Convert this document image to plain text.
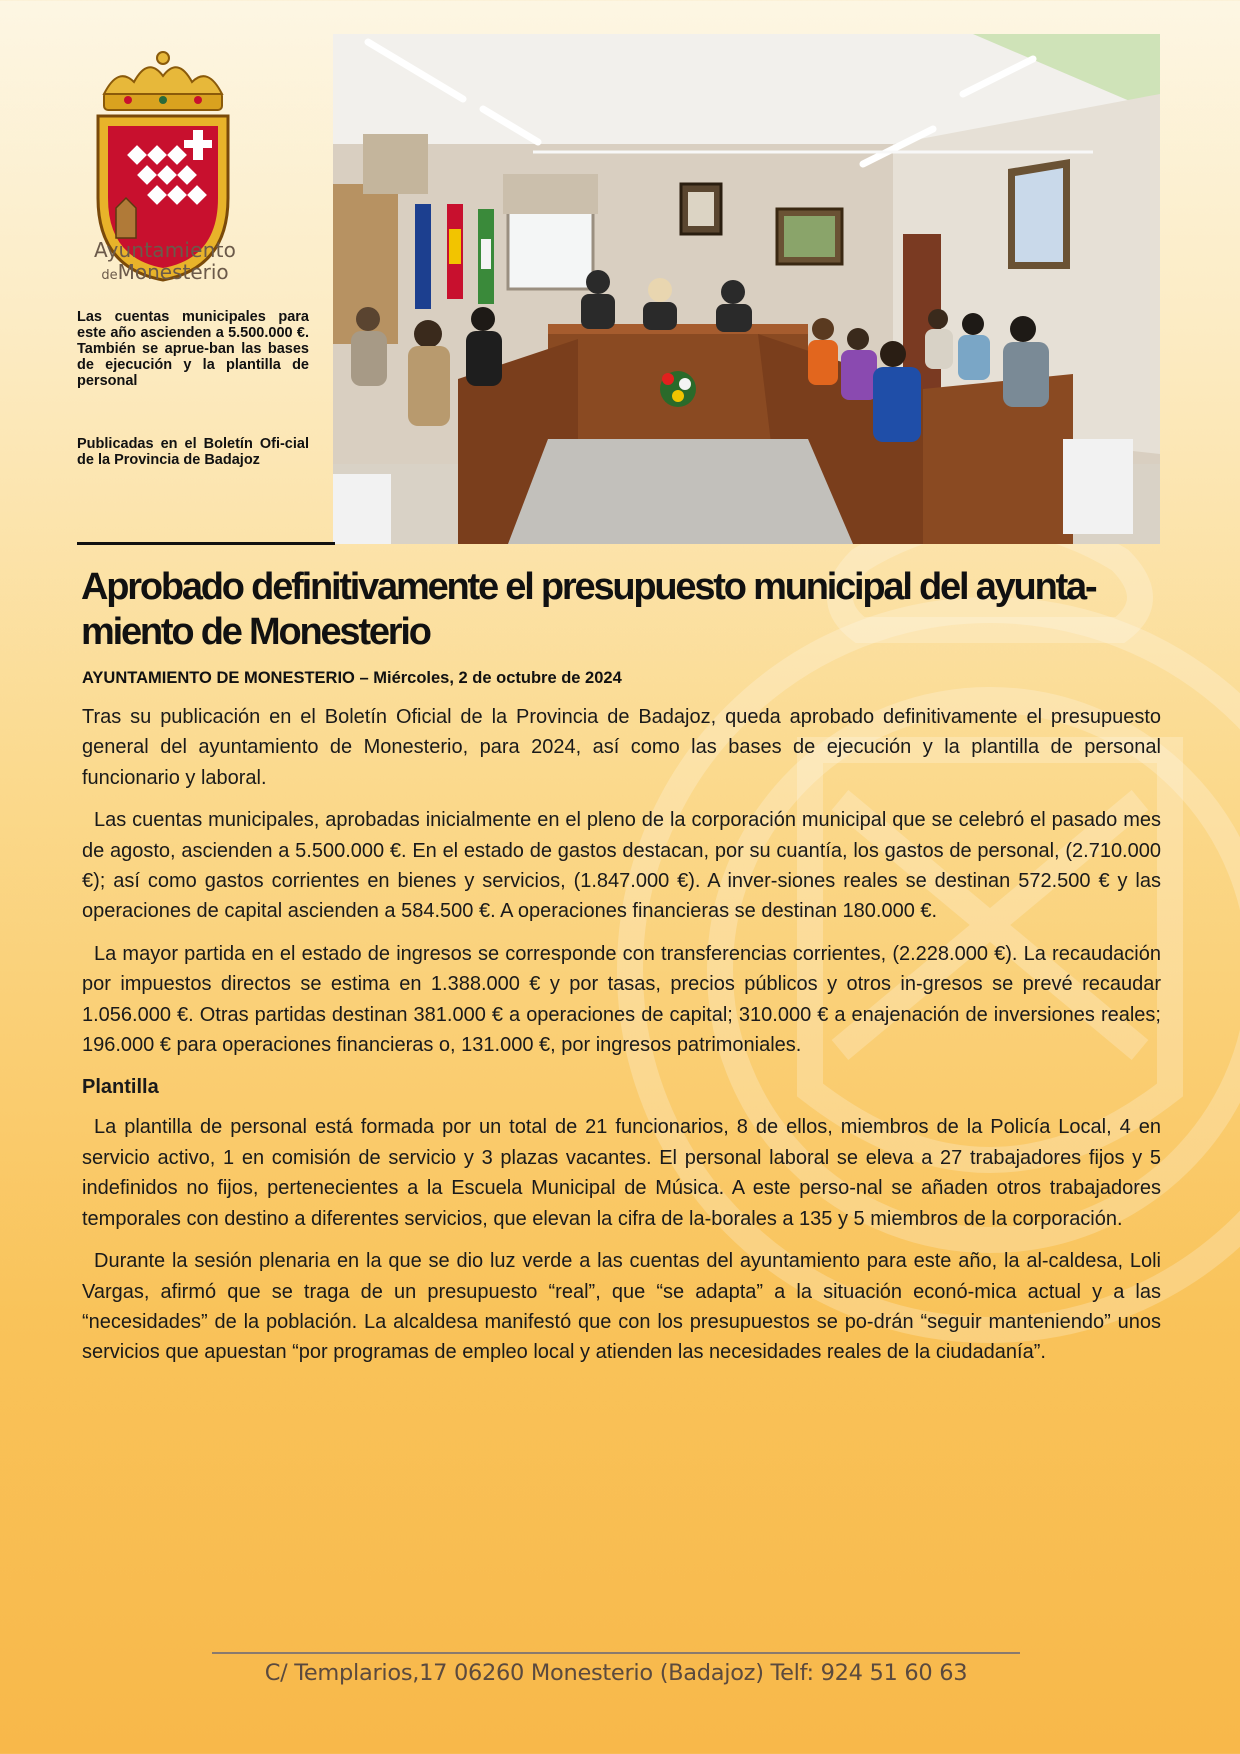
Ayuntamiento
deMonesterio
Las cuentas municipales para este año ascienden a 5.500.000 €. También se aprue-ban las bases de ejecución y la plantilla de personal
Publicadas en el Boletín Ofi-cial de la Provincia de Badajoz
Aprobado definitivamente el presupuesto municipal del ayunta-miento de Monesterio
AYUNTAMIENTO DE MONESTERIO – Miércoles, 2 de octubre de 2024

Tras su publicación en el Boletín Oficial de la Provincia de Badajoz, queda aprobado definitivamente el presupuesto general del ayuntamiento de Monesterio, para 2024, así como las bases de ejecución y la plantilla de personal funcionario y laboral.

Las cuentas municipales, aprobadas inicialmente en el pleno de la corporación municipal que se celebró el pasado mes de agosto, ascienden a 5.500.000 €. En el estado de gastos destacan, por su cuantía, los gastos de personal, (2.710.000 €); así como gastos corrientes en bienes y servicios, (1.847.000 €). A inver-siones reales se destinan 572.500 € y las operaciones de capital ascienden a 584.500 €. A operaciones financieras se destinan 180.000 €.

La mayor partida en el estado de ingresos se corresponde con transferencias corrientes, (2.228.000 €). La recaudación por impuestos directos se estima en 1.388.000 € y por tasas, precios públicos y otros in-gresos se prevé recaudar 1.056.000 €. Otras partidas destinan 381.000 € a operaciones de capital; 310.000 € a enajenación de inversiones reales; 196.000 € para operaciones financieras o, 131.000 €, por ingresos patrimoniales.

Plantilla

La plantilla de personal está formada por un total de 21 funcionarios, 8 de ellos, miembros de la Policía Local, 4 en servicio activo, 1 en comisión de servicio y 3 plazas vacantes. El personal laboral se eleva a 27 trabajadores fijos y 5 indefinidos no fijos, pertenecientes a la Escuela Municipal de Música. A este perso-nal se añaden otros trabajadores temporales con destino a diferentes servicios, que elevan la cifra de la-borales a 135 y 5 miembros de la corporación.

Durante la sesión plenaria en la que se dio luz verde a las cuentas del ayuntamiento para este año, la al-caldesa, Loli Vargas, afirmó que se traga de un presupuesto “real”, que “se adapta” a la situación econó-mica actual y a las “necesidades” de la población. La alcaldesa manifestó que con los presupuestos se po-drán “seguir manteniendo” unos servicios que apuestan “por programas de empleo local y atienden las necesidades reales de la ciudadanía”.

C/ Templarios,17 06260 Monesterio (Badajoz) Telf: 924 51 60 63
